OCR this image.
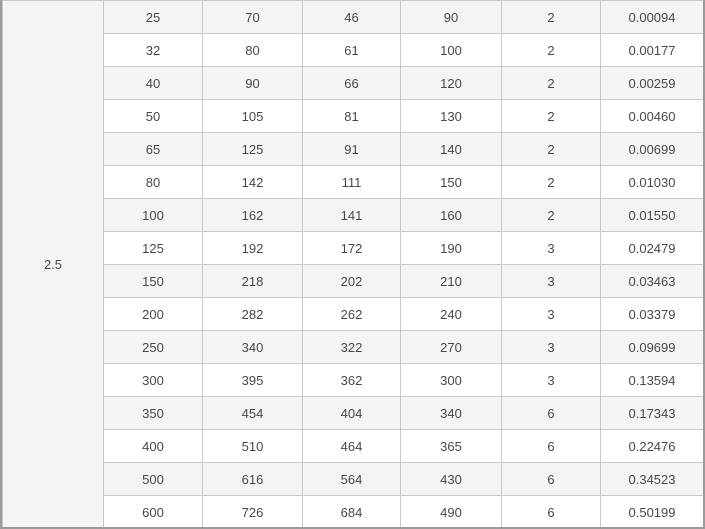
2.5	25	70	46	90	2	0.00094
	32	80	61	100	2	0.00177
	40	90	66	120	2	0.00259
	50	105	81	130	2	0.00460
	65	125	91	140	2	0.00699
	80	142	111	150	2	0.01030
	100	162	141	160	2	0.01550
	125	192	172	190	3	0.02479
	150	218	202	210	3	0.03463
	200	282	262	240	3	0.03379
	250	340	322	270	3	0.09699
	300	395	362	300	3	0.13594
	350	454	404	340	6	0.17343
	400	510	464	365	6	0.22476
	500	616	564	430	6	0.34523
	600	726	684	490	6	0.50199
